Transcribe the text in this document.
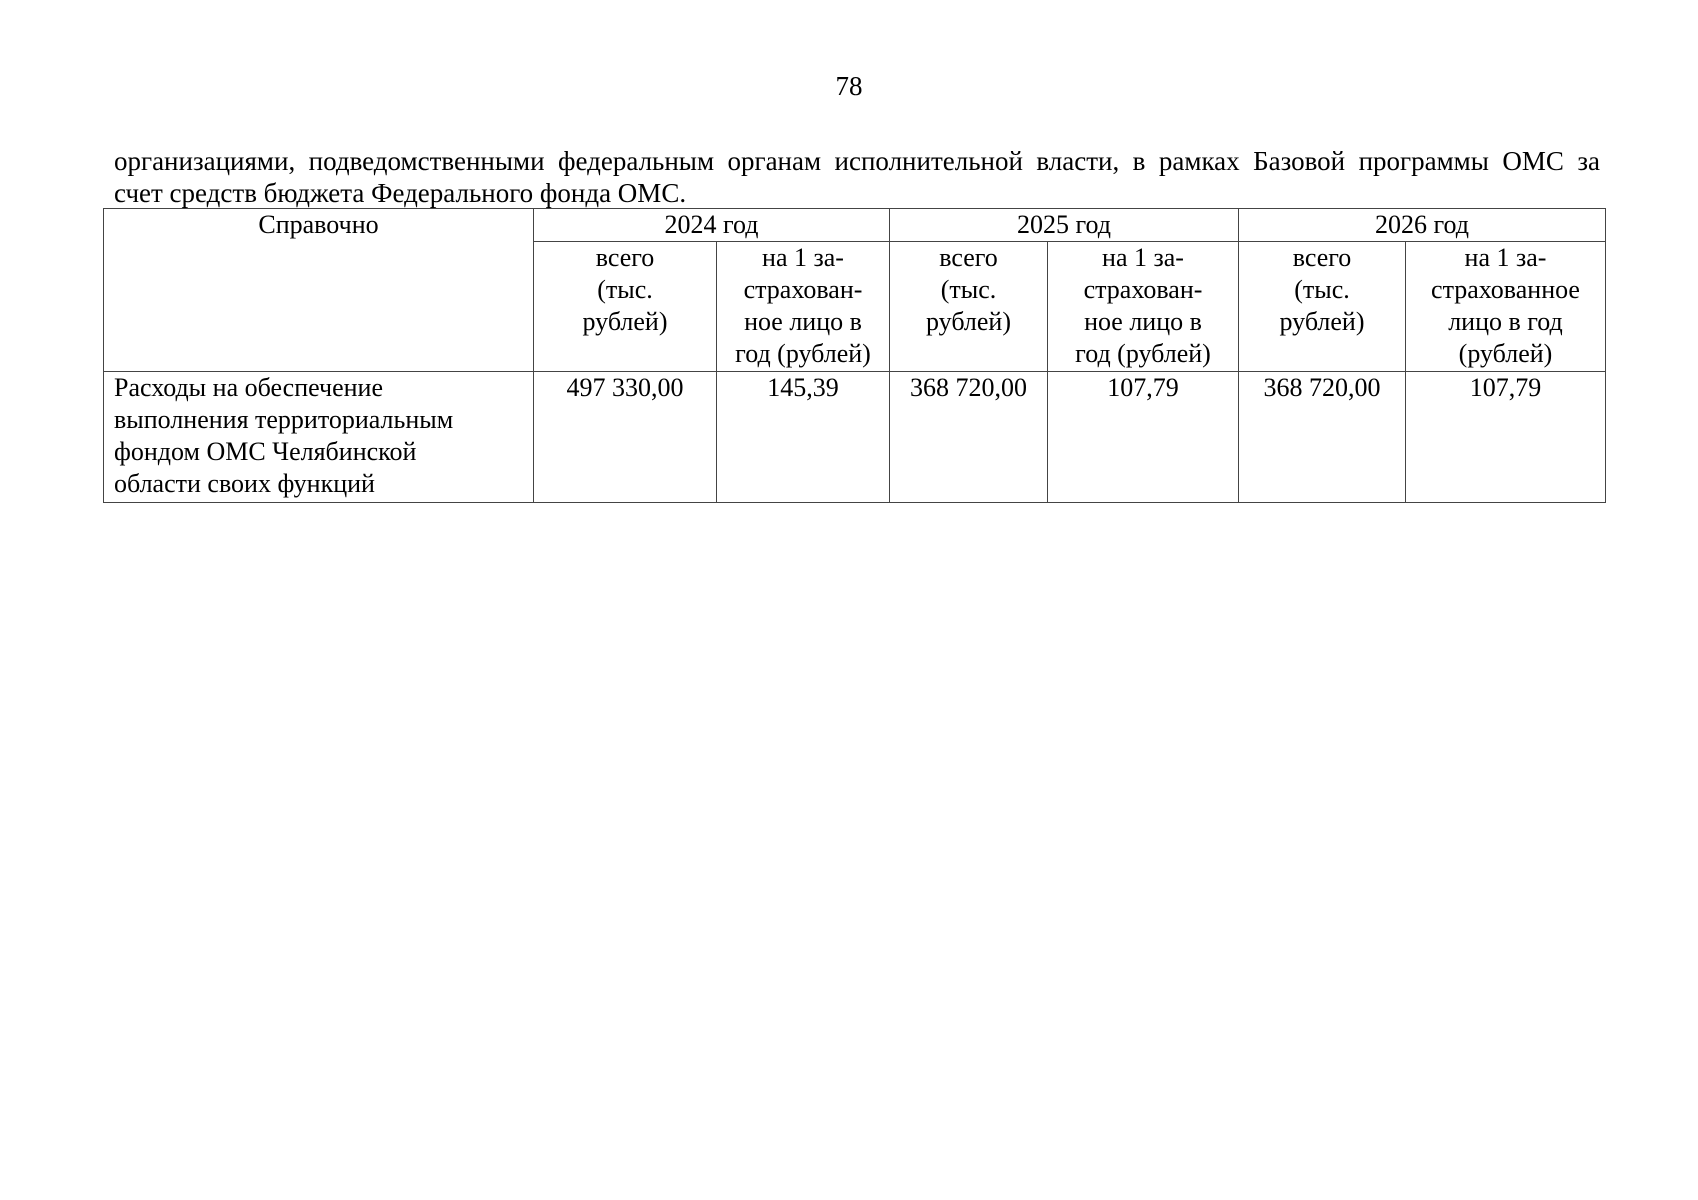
78

организациями, подведомственными федеральным органам исполнительной власти, в рамках Базовой программы ОМС за
счет средств бюджета Федерального фонда ОМС.

Справочно	2024 год		2025 год		2026 год	

	всего
(тыс.
рублей)	на 1 за-
страхован-
ное лицо в
год (рублей)	всего
(тыс.
рублей)	на 1 за-
страхован-
ное лицо в
год (рублей)	всего
(тыс.
рублей)	на 1 за-
страхованное
лицо в год
(рублей)

Расходы на обеспечение
выполнения территориальным
фондом ОМС Челябинской
области своих функций	497 330,00	145,39	368 720,00	107,79	368 720,00	107,79
